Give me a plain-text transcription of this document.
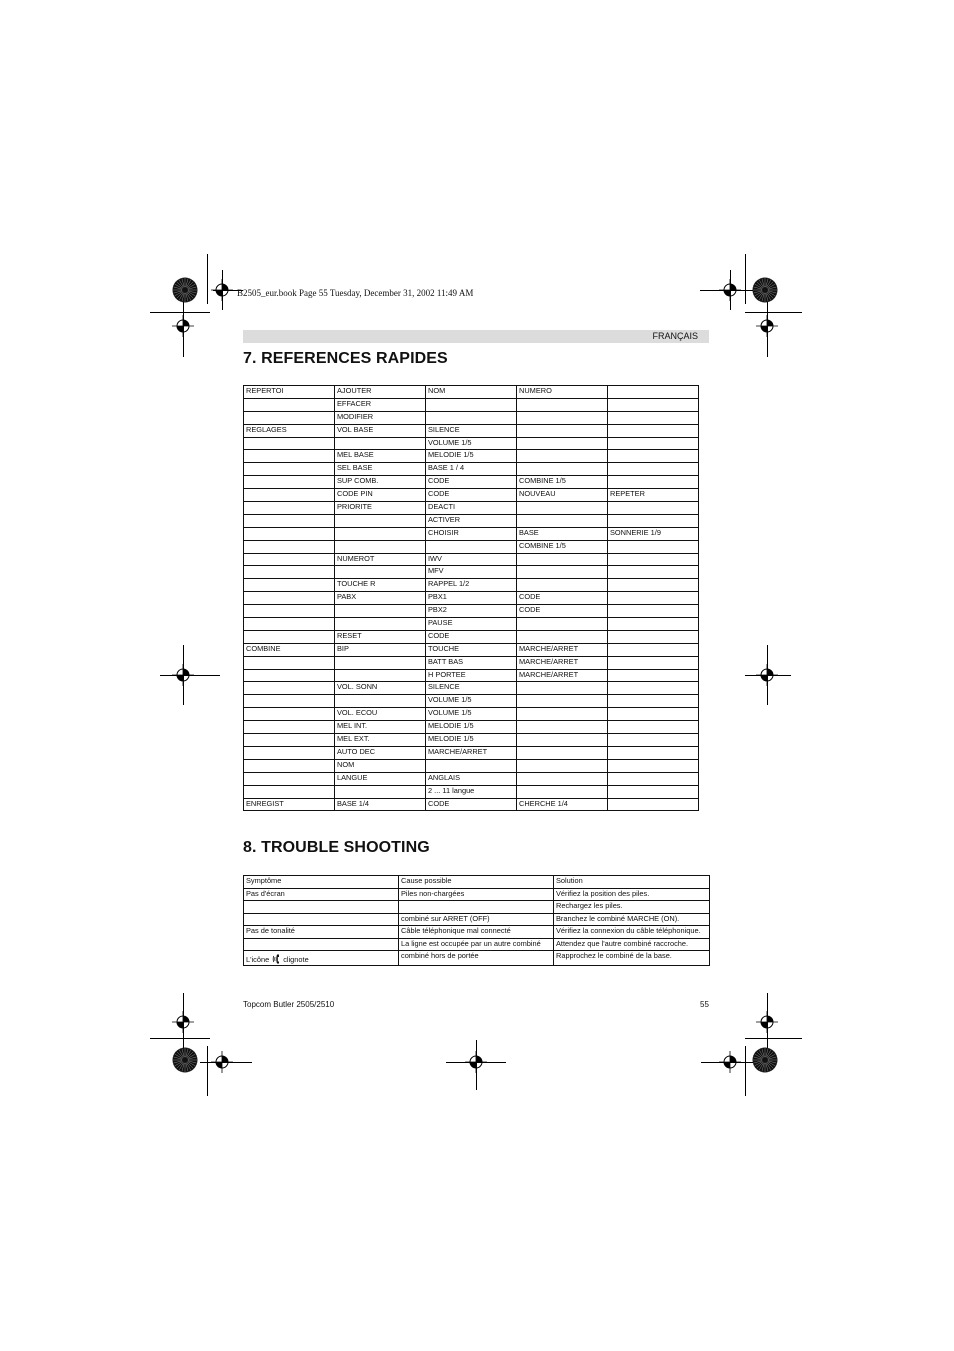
B2505_eur.book Page 55 Tuesday, December 31, 2002 11:49 AM
FRANÇAIS
7. REFERENCES RAPIDES
REPERTOI	AJOUTER	NOM	NUMERO	
	EFFACER			
	MODIFIER			
REGLAGES	VOL BASE	SILENCE		
		VOLUME 1/5		
	MEL BASE	MELODIE 1/5		
	SEL BASE	BASE 1 / 4		
	SUP COMB.	CODE	COMBINE 1/5	
	CODE PIN	CODE	NOUVEAU	REPETER
	PRIORITE	DEACTI		
		ACTIVER		
		CHOISIR	BASE	SONNERIE 1/9
			COMBINE 1/5	
	NUMEROT	IWV		
		MFV		
	TOUCHE R	RAPPEL 1/2		
	PABX	PBX1	CODE	
		PBX2	CODE	
		PAUSE		
	RESET	CODE		
COMBINE	BIP	TOUCHE	MARCHE/ARRET	
		BATT BAS	MARCHE/ARRET	
		H PORTEE	MARCHE/ARRET	
	VOL. SONN	SILENCE		
		VOLUME 1/5		
	VOL. ECOU	VOLUME 1/5		
	MEL INT.	MELODIE 1/5		
	MEL EXT.	MELODIE 1/5		
	AUTO DEC	MARCHE/ARRET		
	NOM			
	LANGUE	ANGLAIS		
		2 ... 11 langue		
ENREGIST	BASE 1/4	CODE	CHERCHE 1/4	
8. TROUBLE SHOOTING
Symptôme	Cause possible	Solution
Pas d'écran	Piles non-chargées	Vérifiez la position des piles.
		Rechargez les piles.
	combiné sur ARRET (OFF)	Branchez le combiné MARCHE (ON).
Pas de tonalité	Câble téléphonique mal connecté	Vérifiez la connexion du câble téléphonique.
	La ligne est occupée par un autre combiné	Attendez que l'autre combiné raccroche.
L'icône clignote	combiné hors de portée	Rapprochez le combiné de la base.
Topcom Butler 2505/2510	55
